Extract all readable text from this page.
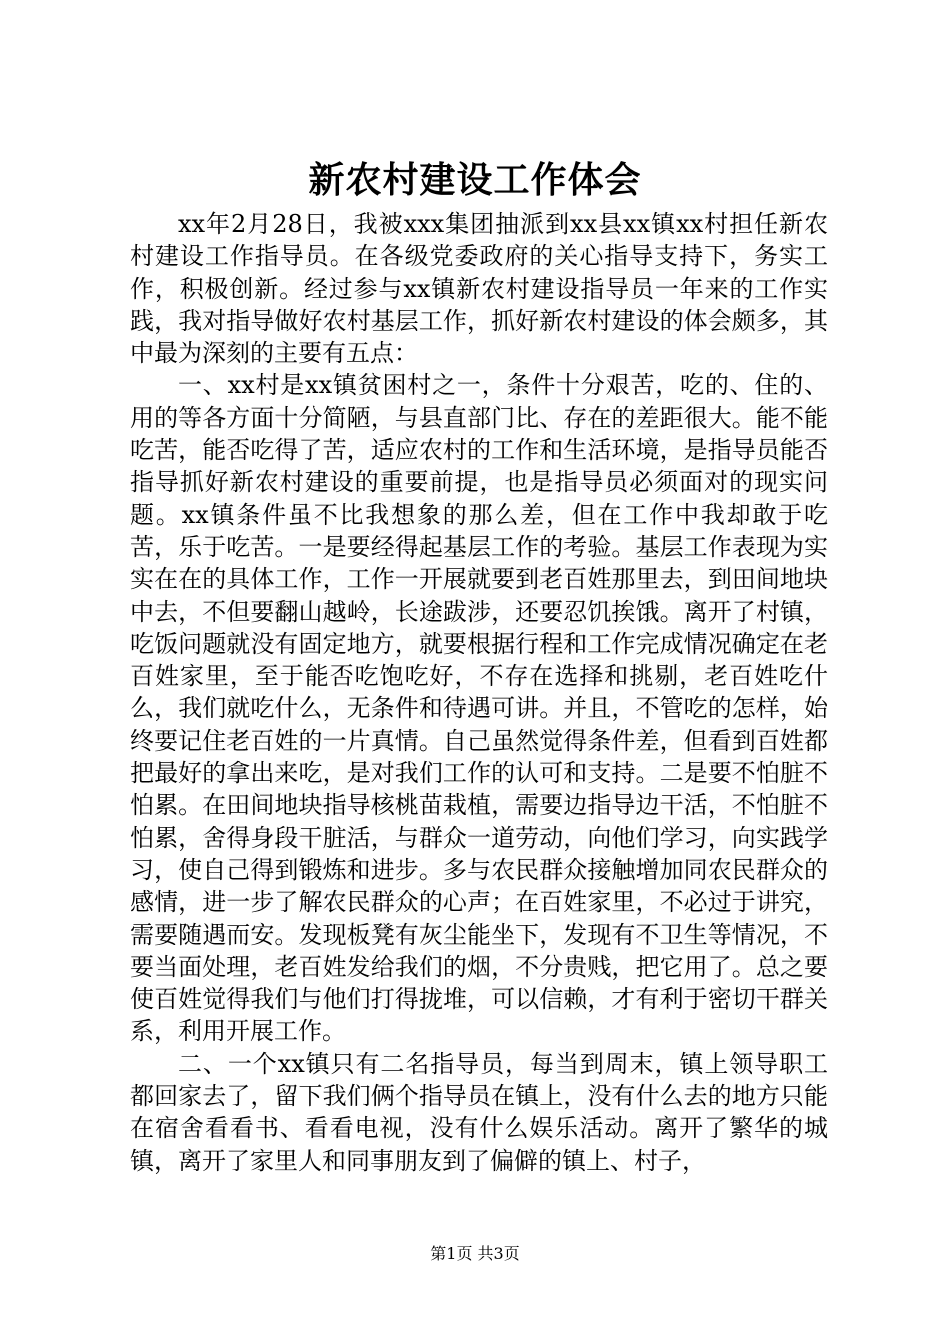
新农村建设工作体会

xx年2月28日，我被xxx集团抽派到xx县xx镇xx村担任新农村建设工作指导员。在各级党委政府的关心指导支持下，务实工作，积极创新。经过参与xx镇新农村建设指导员一年来的工作实践，我对指导做好农村基层工作，抓好新农村建设的体会颇多，其中最为深刻的主要有五点：

一、xx村是xx镇贫困村之一，条件十分艰苦，吃的、住的、用的等各方面十分简陋，与县直部门比、存在的差距很大。能不能吃苦，能否吃得了苦，适应农村的工作和生活环境，是指导员能否指导抓好新农村建设的重要前提，也是指导员必须面对的现实问题。xx镇条件虽不比我想象的那么差，但在工作中我却敢于吃苦，乐于吃苦。一是要经得起基层工作的考验。基层工作表现为实实在在的具体工作，工作一开展就要到老百姓那里去，到田间地块中去，不但要翻山越岭，长途跋涉，还要忍饥挨饿。离开了村镇，吃饭问题就没有固定地方，就要根据行程和工作完成情况确定在老百姓家里，至于能否吃饱吃好，不存在选择和挑剔，老百姓吃什么，我们就吃什么，无条件和待遇可讲。并且，不管吃的怎样，始终要记住老百姓的一片真情。自己虽然觉得条件差，但看到百姓都把最好的拿出来吃，是对我们工作的认可和支持。二是要不怕脏不怕累。在田间地块指导核桃苗栽植，需要边指导边干活，不怕脏不怕累，舍得身段干脏活，与群众一道劳动，向他们学习，向实践学习，使自己得到锻炼和进步。多与农民群众接触增加同农民群众的感情，进一步了解农民群众的心声；在百姓家里，不必过于讲究，需要随遇而安。发现板凳有灰尘能坐下，发现有不卫生等情况，不要当面处理，老百姓发给我们的烟，不分贵贱，把它用了。总之要使百姓觉得我们与他们打得拢堆，可以信赖，才有利于密切干群关系，利用开展工作。

二、一个xx镇只有二名指导员，每当到周末，镇上领导职工都回家去了，留下我们俩个指导员在镇上，没有什么去的地方只能在宿舍看看书、看看电视，没有什么娱乐活动。离开了繁华的城镇，离开了家里人和同事朋友到了偏僻的镇上、村子，

第1页 共3页
